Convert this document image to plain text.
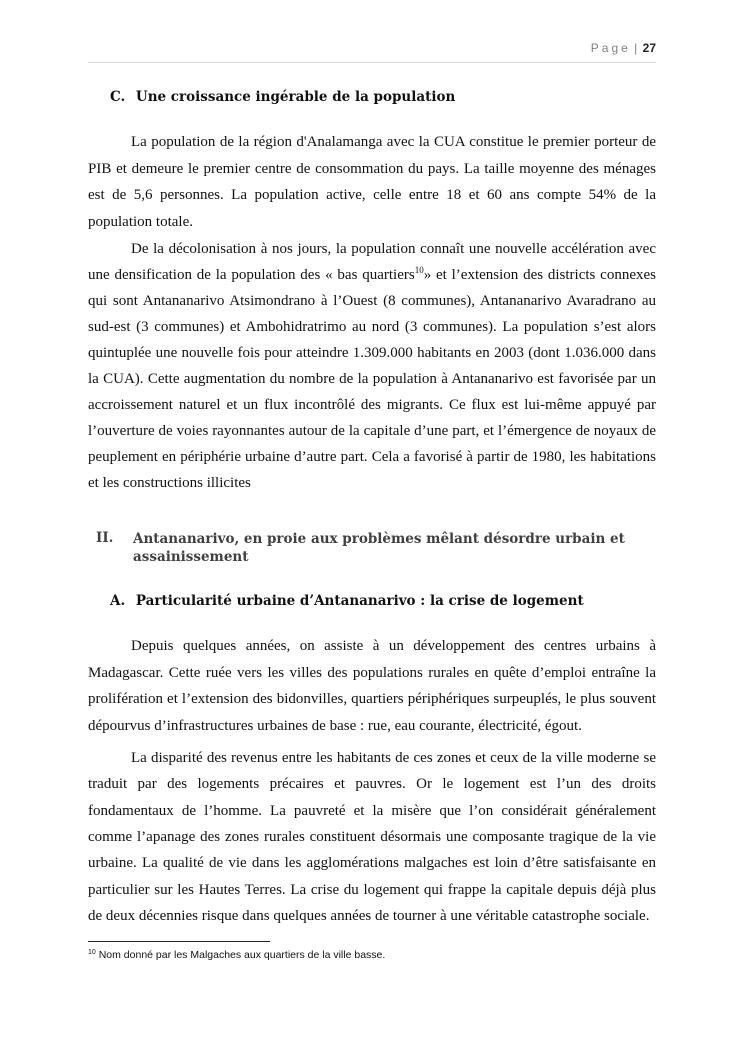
Page | 27
C. Une croissance ingérable de la population
La population de la région d'Analamanga avec la CUA constitue le premier porteur de
PIB et demeure le premier centre de consommation du pays. La taille moyenne des ménages
est de 5,6 personnes. La population active, celle entre 18 et 60 ans compte 54% de la
population totale.
De la décolonisation à nos jours, la population connaît une nouvelle accélération avec
une densification de la population des « bas quartiers$^{10}$» et l’extension des districts connexes
qui sont Antananarivo Atsimondrano à l’Ouest (8 communes), Antananarivo Avaradrano au
sud-est (3 communes) et Ambohidratrimo au nord (3 communes). La population s’est alors
quintuplée une nouvelle fois pour atteindre 1.309.000 habitants en 2003 (dont 1.036.000 dans
la CUA). Cette augmentation du nombre de la population à Antananarivo est favorisée par un
accroissement naturel et un flux incontrôlé des migrants. Ce flux est lui-même appuyé par
l’ouverture de voies rayonnantes autour de la capitale d’une part, et l’émergence de noyaux de
peuplement en périphérie urbaine d’autre part. Cela a favorisé à partir de 1980, les habitations
et les constructions illicites
II. Antananarivo, en proie aux problèmes mêlant désordre urbain et
assainissement
A. Particularité urbaine d’Antananarivo : la crise de logement
Depuis quelques années, on assiste à un développement des centres urbains à
Madagascar. Cette ruée vers les villes des populations rurales en quête d’emploi entraîne la
prolifération et l’extension des bidonvilles, quartiers périphériques surpeuplés, le plus souvent
dépourvus d’infrastructures urbaines de base : rue, eau courante, électricité, égout.
La disparité des revenus entre les habitants de ces zones et ceux de la ville moderne se
traduit par des logements précaires et pauvres. Or le logement est l’un des droits
fondamentaux de l’homme. La pauvreté et la misère que l’on considérait généralement
comme l’apanage des zones rurales constituent désormais une composante tragique de la vie
urbaine. La qualité de vie dans les agglomérations malgaches est loin d’être satisfaisante en
particulier sur les Hautes Terres. La crise du logement qui frappe la capitale depuis déjà plus
de deux décennies risque dans quelques années de tourner à une véritable catastrophe sociale.
$^{10}$ Nom donné par les Malgaches aux quartiers de la ville basse.
